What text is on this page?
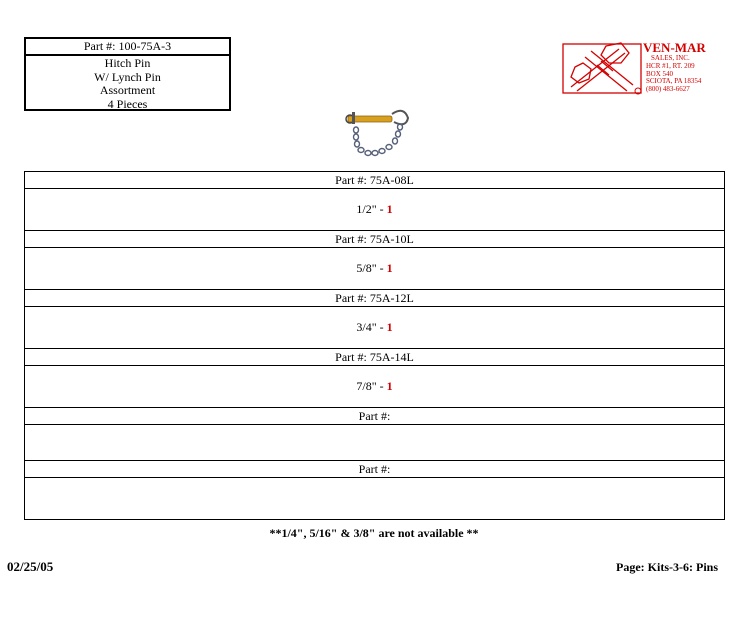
Part #: 100-75A-3
Hitch Pin
W/ Lynch Pin
Assortment
4 Pieces
VEN-MAR
SALES, INC.
HCR #1, RT. 209
BOX 540
SCIOTA, PA 18354
(800) 483-6627
Part #: 75A-08L
1/2" - 1
Part #: 75A-10L
5/8" - 1
Part #: 75A-12L
3/4" - 1
Part #: 75A-14L
7/8" - 1
Part #:

Part #:

**1/4", 5/16" & 3/8" are not available **
02/25/05	Page: Kits-3-6: Pins
